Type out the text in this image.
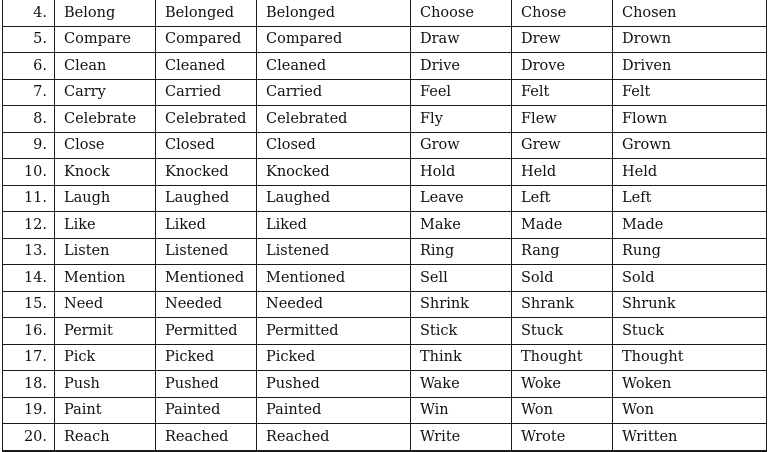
4.	Belong	Belonged	Belonged	Choose	Chose	Chosen
5.	Compare	Compared	Compared	Draw	Drew	Drown
6.	Clean	Cleaned	Cleaned	Drive	Drove	Driven
7.	Carry	Carried	Carried	Feel	Felt	Felt
8.	Celebrate	Celebrated	Celebrated	Fly	Flew	Flown
9.	Close	Closed	Closed	Grow	Grew	Grown
10.	Knock	Knocked	Knocked	Hold	Held	Held
11.	Laugh	Laughed	Laughed	Leave	Left	Left
12.	Like	Liked	Liked	Make	Made	Made
13.	Listen	Listened	Listened	Ring	Rang	Rung
14.	Mention	Mentioned	Mentioned	Sell	Sold	Sold
15.	Need	Needed	Needed	Shrink	Shrank	Shrunk
16.	Permit	Permitted	Permitted	Stick	Stuck	Stuck
17.	Pick	Picked	Picked	Think	Thought	Thought
18.	Push	Pushed	Pushed	Wake	Woke	Woken
19.	Paint	Painted	Painted	Win	Won	Won
20.	Reach	Reached	Reached	Write	Wrote	Written
